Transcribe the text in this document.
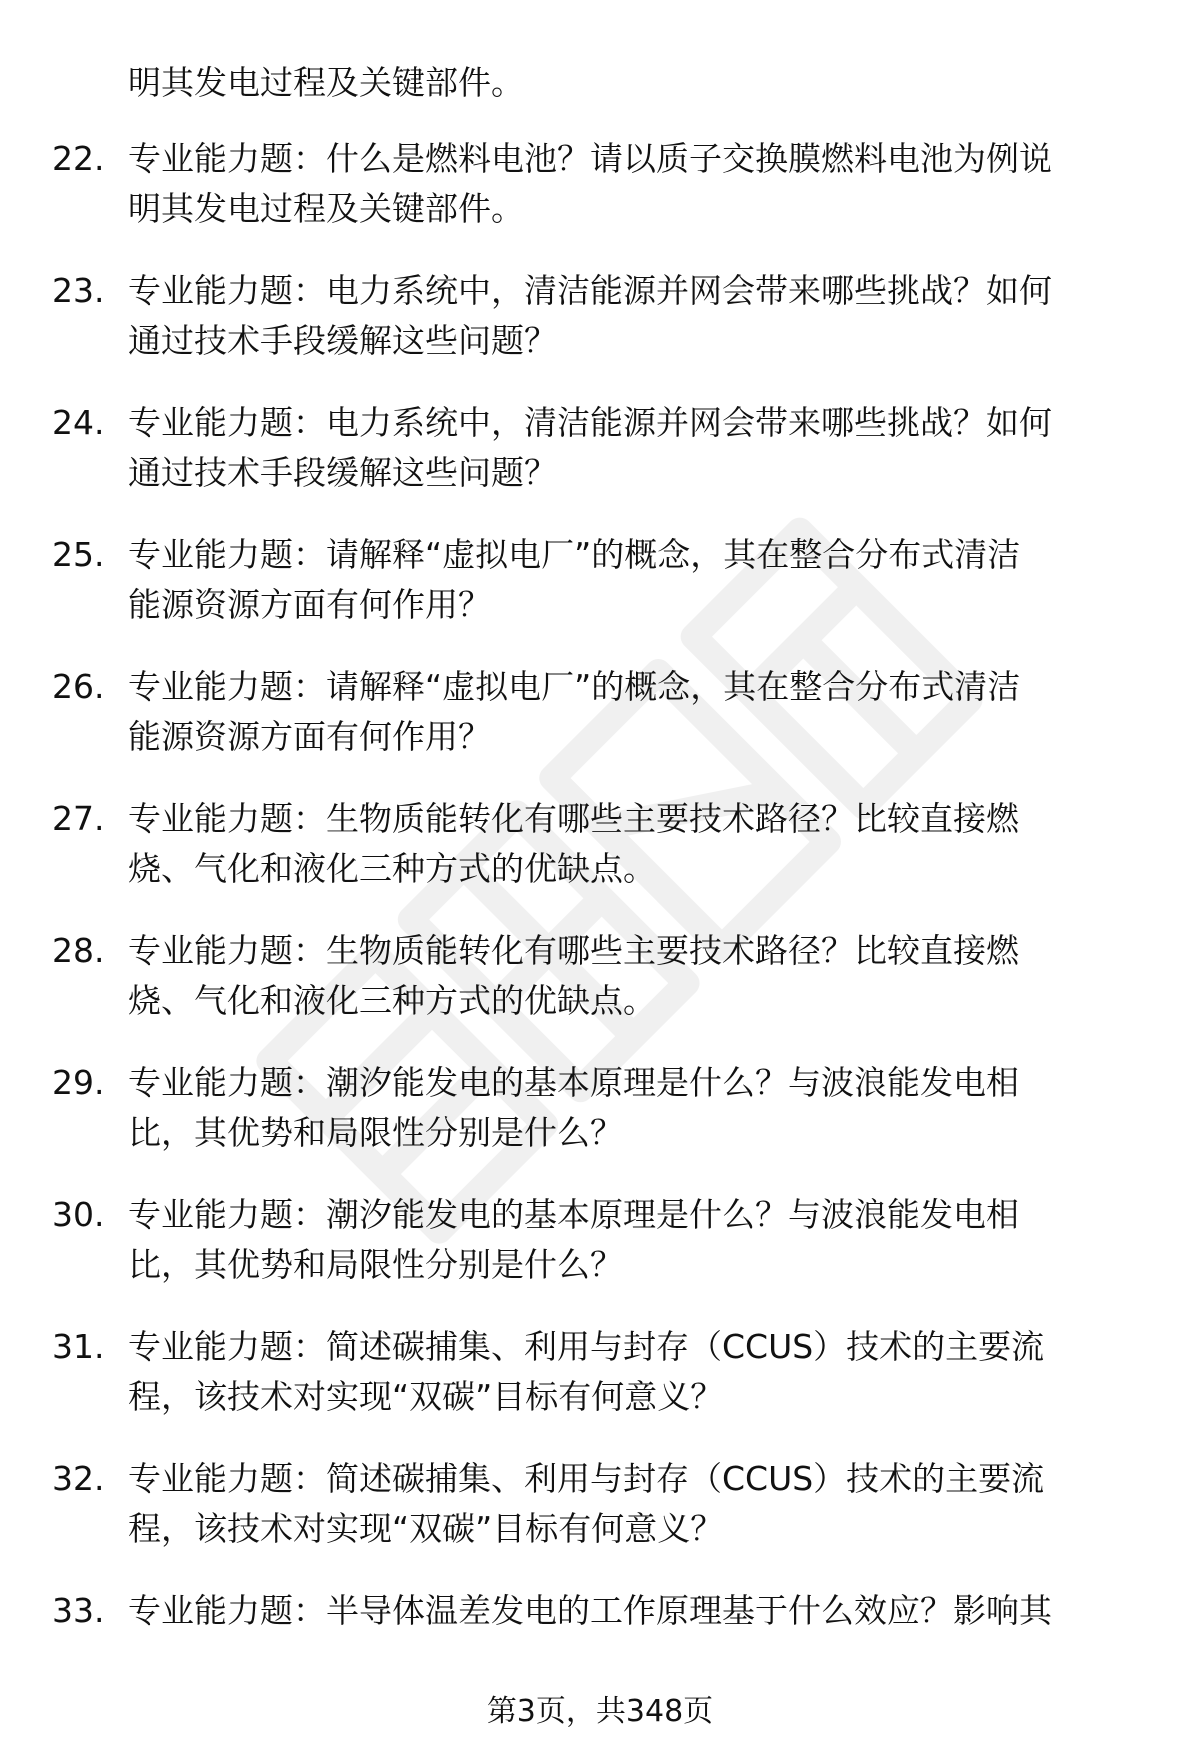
明其发电过程及关键部件。
22. 专业能力题：什么是燃料电池？请以质子交换膜燃料电池为例说
明其发电过程及关键部件。
23. 专业能力题：电力系统中，清洁能源并网会带来哪些挑战？如何
通过技术手段缓解这些问题？
24. 专业能力题：电力系统中，清洁能源并网会带来哪些挑战？如何
通过技术手段缓解这些问题？
25. 专业能力题：请解释“虚拟电厂”的概念，其在整合分布式清洁
能源资源方面有何作用？
26. 专业能力题：请解释“虚拟电厂”的概念，其在整合分布式清洁
能源资源方面有何作用？
27. 专业能力题：生物质能转化有哪些主要技术路径？比较直接燃
烧、气化和液化三种方式的优缺点。
28. 专业能力题：生物质能转化有哪些主要技术路径？比较直接燃
烧、气化和液化三种方式的优缺点。
29. 专业能力题：潮汐能发电的基本原理是什么？与波浪能发电相
比，其优势和局限性分别是什么？
30. 专业能力题：潮汐能发电的基本原理是什么？与波浪能发电相
比，其优势和局限性分别是什么？
31. 专业能力题：简述碳捕集、利用与封存（CCUS）技术的主要流
程，该技术对实现“双碳”目标有何意义？
32. 专业能力题：简述碳捕集、利用与封存（CCUS）技术的主要流
程，该技术对实现“双碳”目标有何意义？
33. 专业能力题：半导体温差发电的工作原理基于什么效应？影响其
第3页，共348页
